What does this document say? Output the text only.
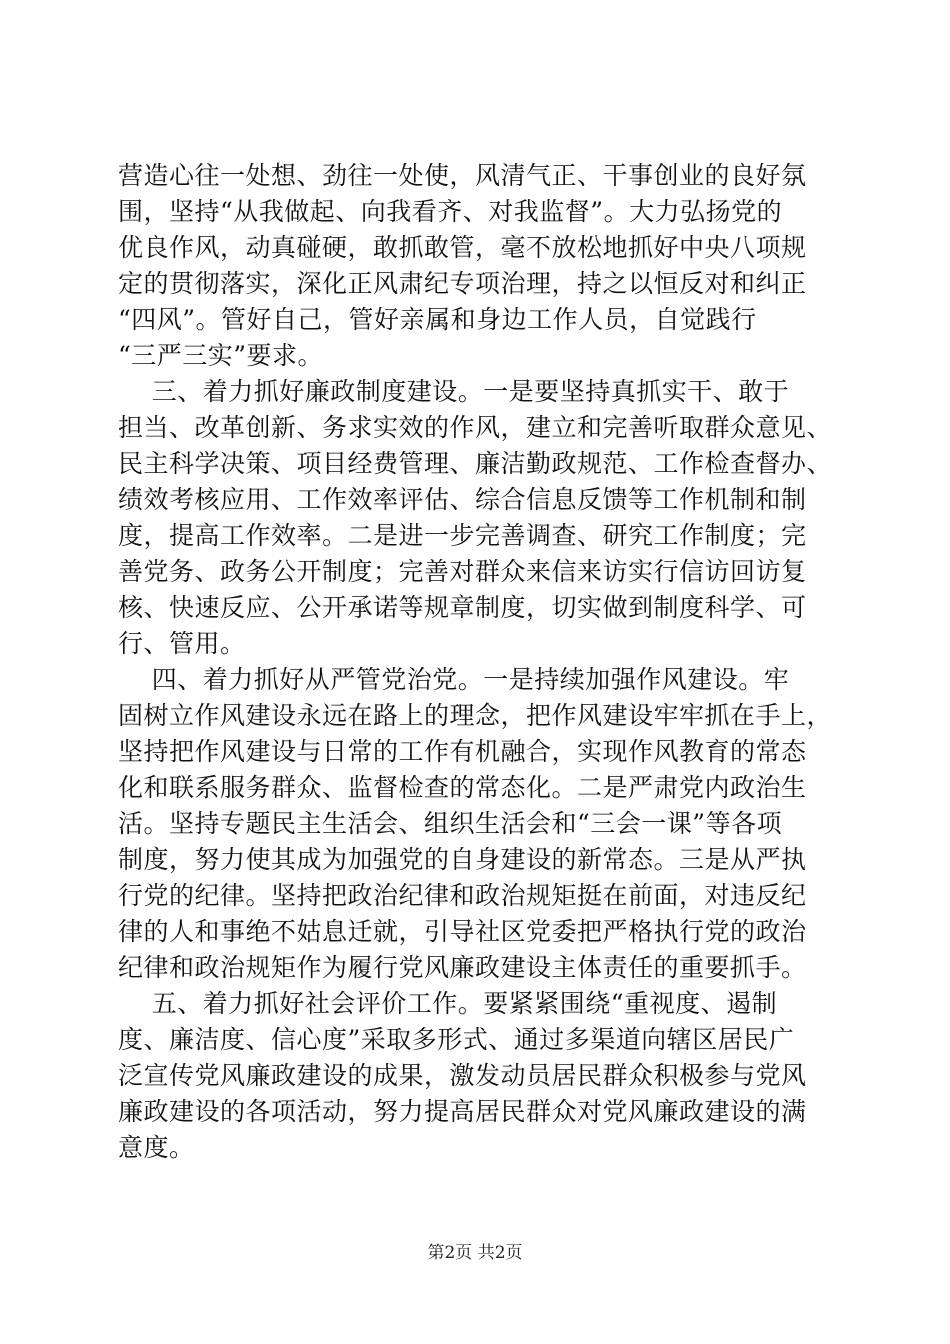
营造心往一处想、劲往一处使，风清气正、干事创业的良好氛
围，坚持“从我做起、向我看齐、对我监督”。大力弘扬党的
优良作风，动真碰硬，敢抓敢管，毫不放松地抓好中央八项规
定的贯彻落实，深化正风肃纪专项治理，持之以恒反对和纠正
“四风”。管好自己，管好亲属和身边工作人员，自觉践行
“三严三实”要求。
三、着力抓好廉政制度建设。一是要坚持真抓实干、敢于
担当、改革创新、务求实效的作风，建立和完善听取群众意见、
民主科学决策、项目经费管理、廉洁勤政规范、工作检查督办、
绩效考核应用、工作效率评估、综合信息反馈等工作机制和制
度，提高工作效率。二是进一步完善调查、研究工作制度；完
善党务、政务公开制度；完善对群众来信来访实行信访回访复
核、快速反应、公开承诺等规章制度，切实做到制度科学、可
行、管用。
四、着力抓好从严管党治党。一是持续加强作风建设。牢
固树立作风建设永远在路上的理念，把作风建设牢牢抓在手上，
坚持把作风建设与日常的工作有机融合，实现作风教育的常态
化和联系服务群众、监督检查的常态化。二是严肃党内政治生
活。坚持专题民主生活会、组织生活会和“三会一课”等各项
制度，努力使其成为加强党的自身建设的新常态。三是从严执
行党的纪律。坚持把政治纪律和政治规矩挺在前面，对违反纪
律的人和事绝不姑息迁就，引导社区党委把严格执行党的政治
纪律和政治规矩作为履行党风廉政建设主体责任的重要抓手。
五、着力抓好社会评价工作。要紧紧围绕“重视度、遏制
度、廉洁度、信心度”采取多形式、通过多渠道向辖区居民广
泛宣传党风廉政建设的成果，激发动员居民群众积极参与党风
廉政建设的各项活动，努力提高居民群众对党风廉政建设的满
意度。
第2页 共2页
